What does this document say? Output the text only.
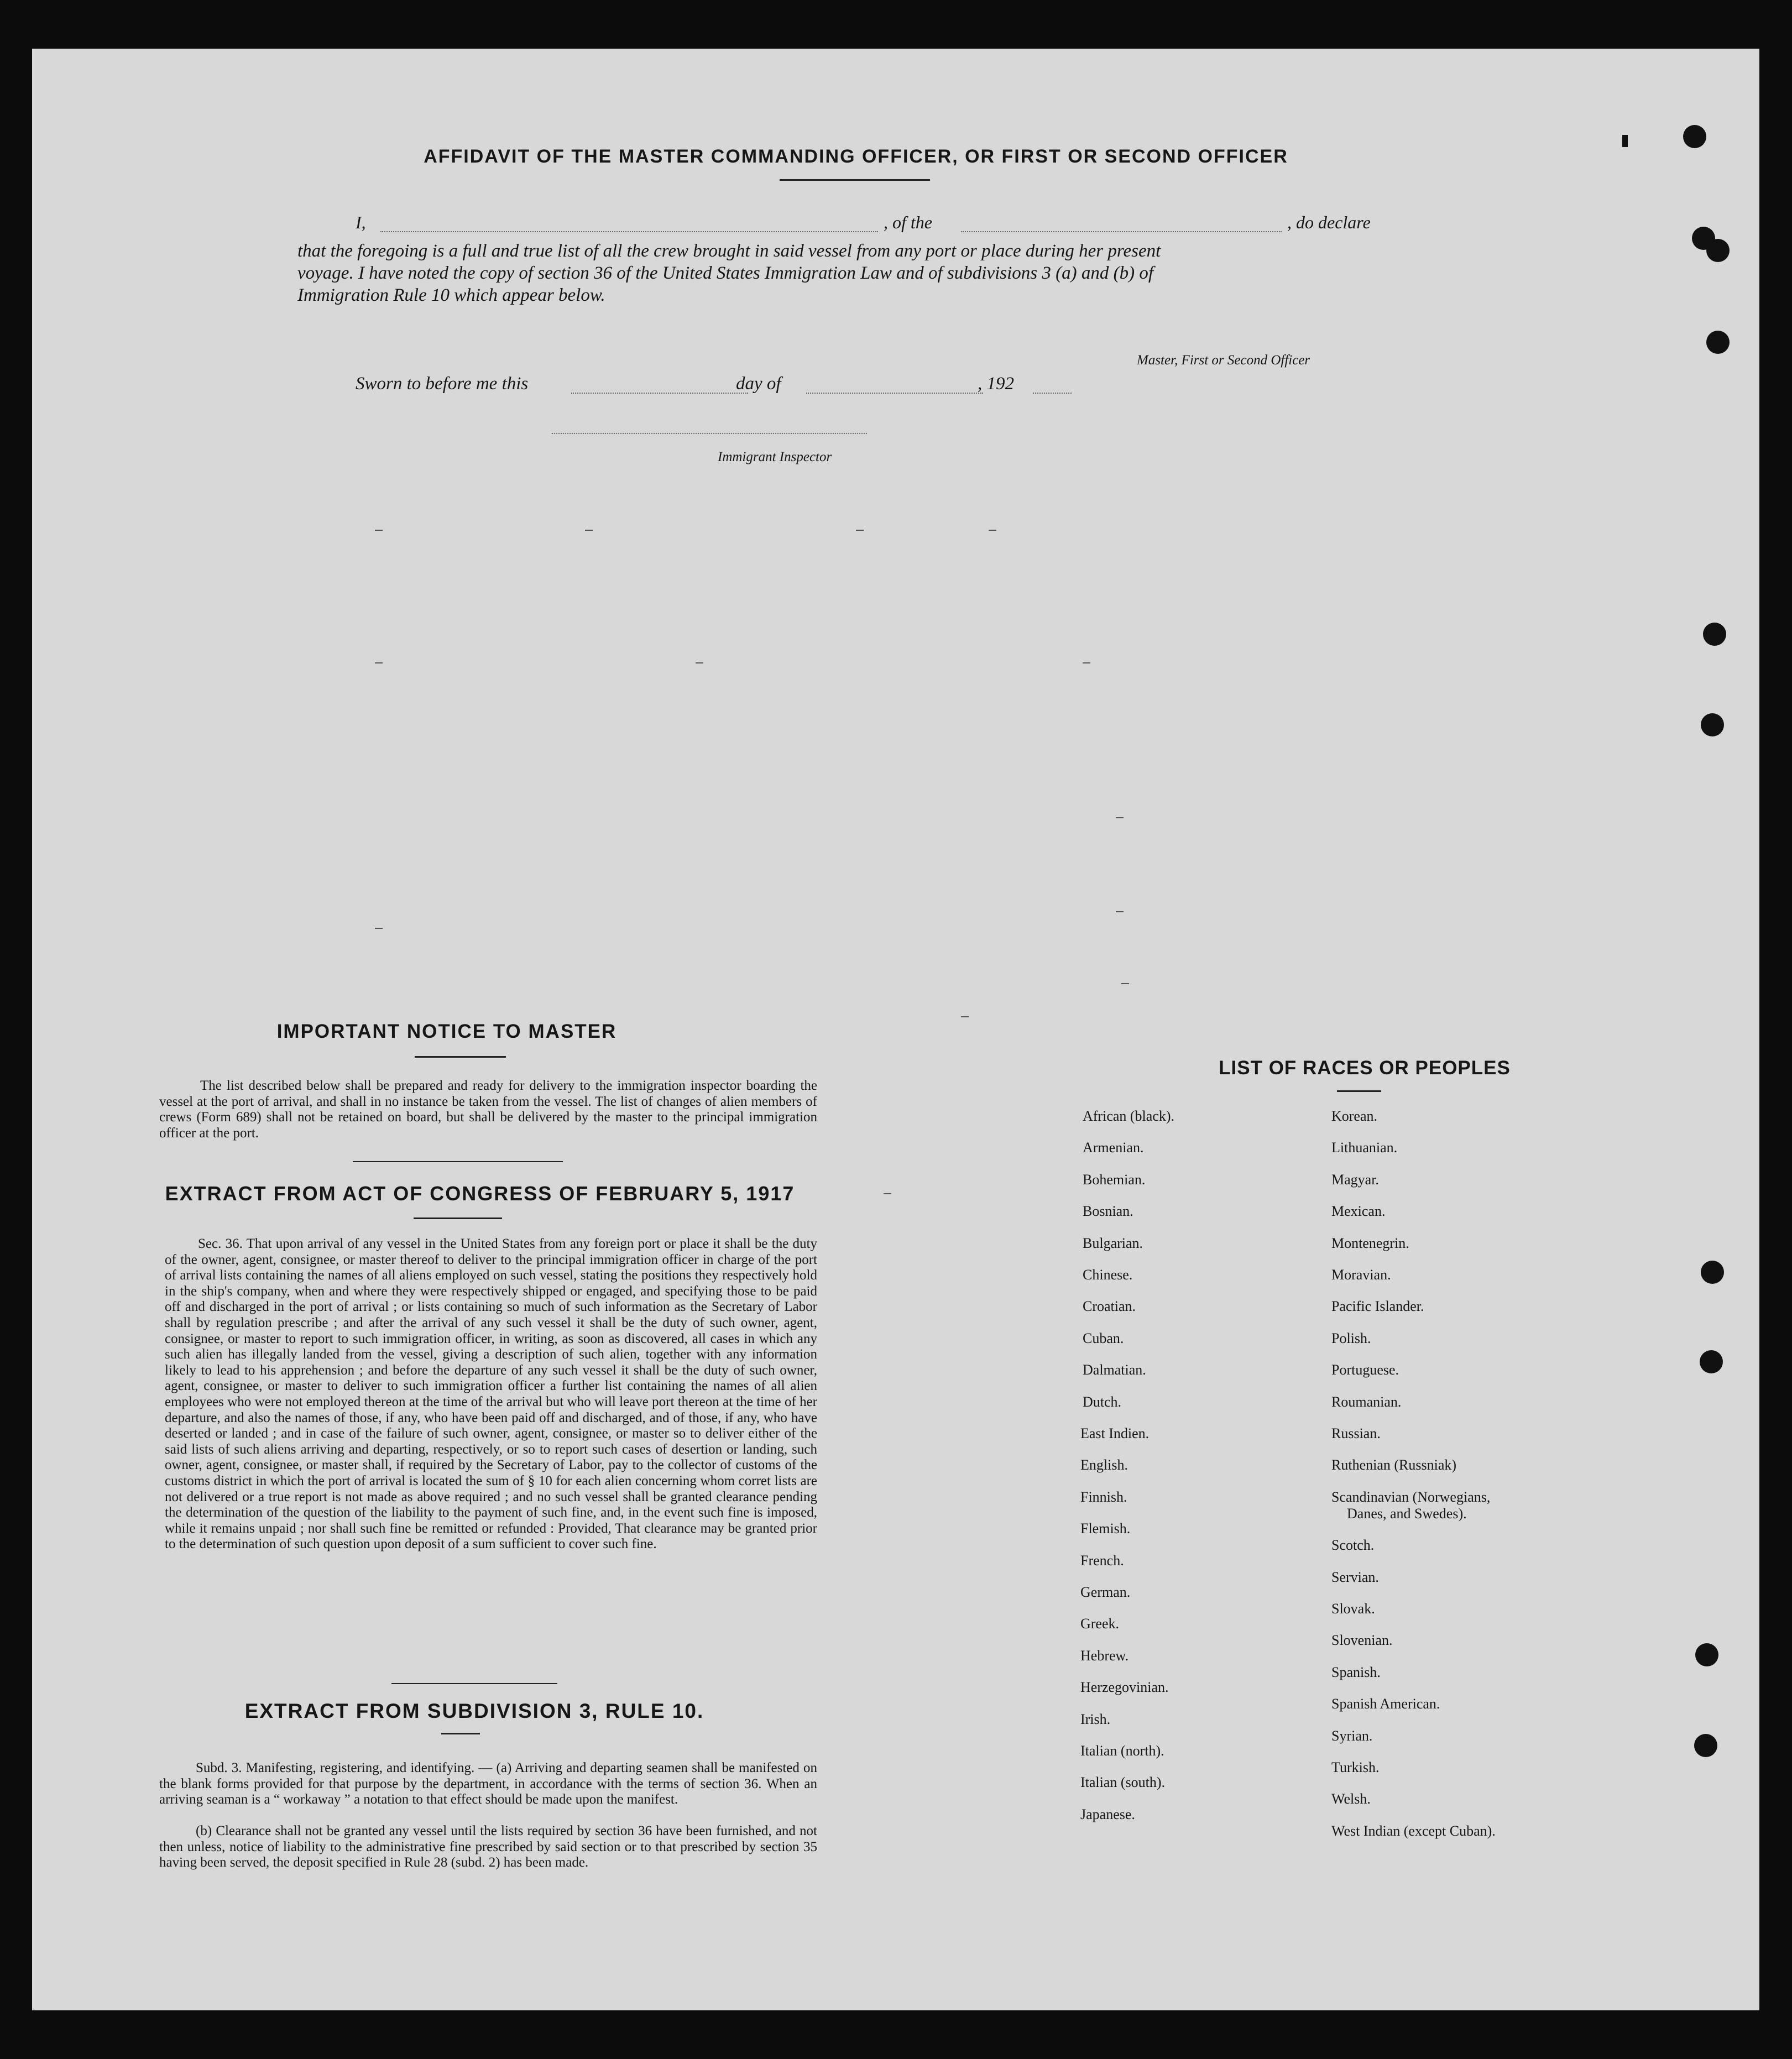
AFFIDAVIT OF THE MASTER COMMANDING OFFICER, OR FIRST OR SECOND OFFICER
I,	, of the	, do declare
that the foregoing is a full and true list of all the crew brought in said vessel from any port or place during her present
voyage. I have noted the copy of section 36 of the United States Immigration Law and of subdivisions 3 (a) and (b) of
Immigration Rule 10 which appear below.
Master, First or Second Officer
Sworn to before me this	day of	, 192
Immigrant Inspector
IMPORTANT NOTICE TO MASTER
The list described below shall be prepared and ready for delivery to the immigration inspector boarding the vessel at the port of arrival, and shall in no instance be taken from the vessel. The list of changes of alien members of crews (Form 689) shall not be retained on board, but shall be delivered by the master to the principal immigration officer at the port.
EXTRACT FROM ACT OF CONGRESS OF FEBRUARY 5, 1917
Sec. 36. That upon arrival of any vessel in the United States from any foreign port or place it shall be the duty of the owner, agent, consignee, or master thereof to deliver to the principal immigration officer in charge of the port of arrival lists containing the names of all aliens employed on such vessel, stating the positions they respectively hold in the ship's company, when and where they were respectively shipped or engaged, and specifying those to be paid off and discharged in the port of arrival ; or lists containing so much of such information as the Secretary of Labor shall by regulation prescribe ; and after the arrival of any such vessel it shall be the duty of such owner, agent, consignee, or master to report to such immigration officer, in writing, as soon as discovered, all cases in which any such alien has illegally landed from the vessel, giving a description of such alien, together with any information likely to lead to his apprehension ; and before the departure of any such vessel it shall be the duty of such owner, agent, consignee, or master to deliver to such immigration officer a further list containing the names of all alien employees who were not employed thereon at the time of the arrival but who will leave port thereon at the time of her departure, and also the names of those, if any, who have been paid off and discharged, and of those, if any, who have deserted or landed ; and in case of the failure of such owner, agent, consignee, or master so to deliver either of the said lists of such aliens arriving and departing, respectively, or so to report such cases of desertion or landing, such owner, agent, consignee, or master shall, if required by the Secretary of Labor, pay to the collector of customs of the customs district in which the port of arrival is located the sum of § 10 for each alien concerning whom corret lists are not delivered or a true report is not made as above required ; and no such vessel shall be granted clearance pending the determination of the question of the liability to the payment of such fine, and, in the event such fine is imposed, while it remains unpaid ; nor shall such fine be remitted or refunded : Provided, That clearance may be granted prior to the determination of such question upon deposit of a sum sufficient to cover such fine.
EXTRACT FROM SUBDIVISION 3, RULE 10.
Subd. 3. Manifesting, registering, and identifying. — (a) Arriving and departing seamen shall be manifested on the blank forms provided for that purpose by the department, in accordance with the terms of section 36. When an arriving seaman is a “ workaway ” a notation to that effect should be made upon the manifest.
(b) Clearance shall not be granted any vessel until the lists required by section 36 have been furnished, and not then unless, notice of liability to the administrative fine prescribed by said section or to that prescribed by section 35 having been served, the deposit specified in Rule 28 (subd. 2) has been made.
LIST OF RACES OR PEOPLES
African (black).
Armenian.
Bohemian.
Bosnian.
Bulgarian.
Chinese.
Croatian.
Cuban.
Dalmatian.
Dutch.
East Indien.
English.
Finnish.
Flemish.
French.
German.
Greek.
Hebrew.
Herzegovinian.
Irish.
Italian (north).
Italian (south).
Japanese.
Korean.
Lithuanian.
Magyar.
Mexican.
Montenegrin.
Moravian.
Pacific Islander.
Polish.
Portuguese.
Roumanian.
Russian.
Ruthenian (Russniak)
Scandinavian (Norwegians,
Danes, and Swedes).
Scotch.
Servian.
Slovak.
Slovenian.
Spanish.
Spanish American.
Syrian.
Turkish.
Welsh.
West Indian (except Cuban).
